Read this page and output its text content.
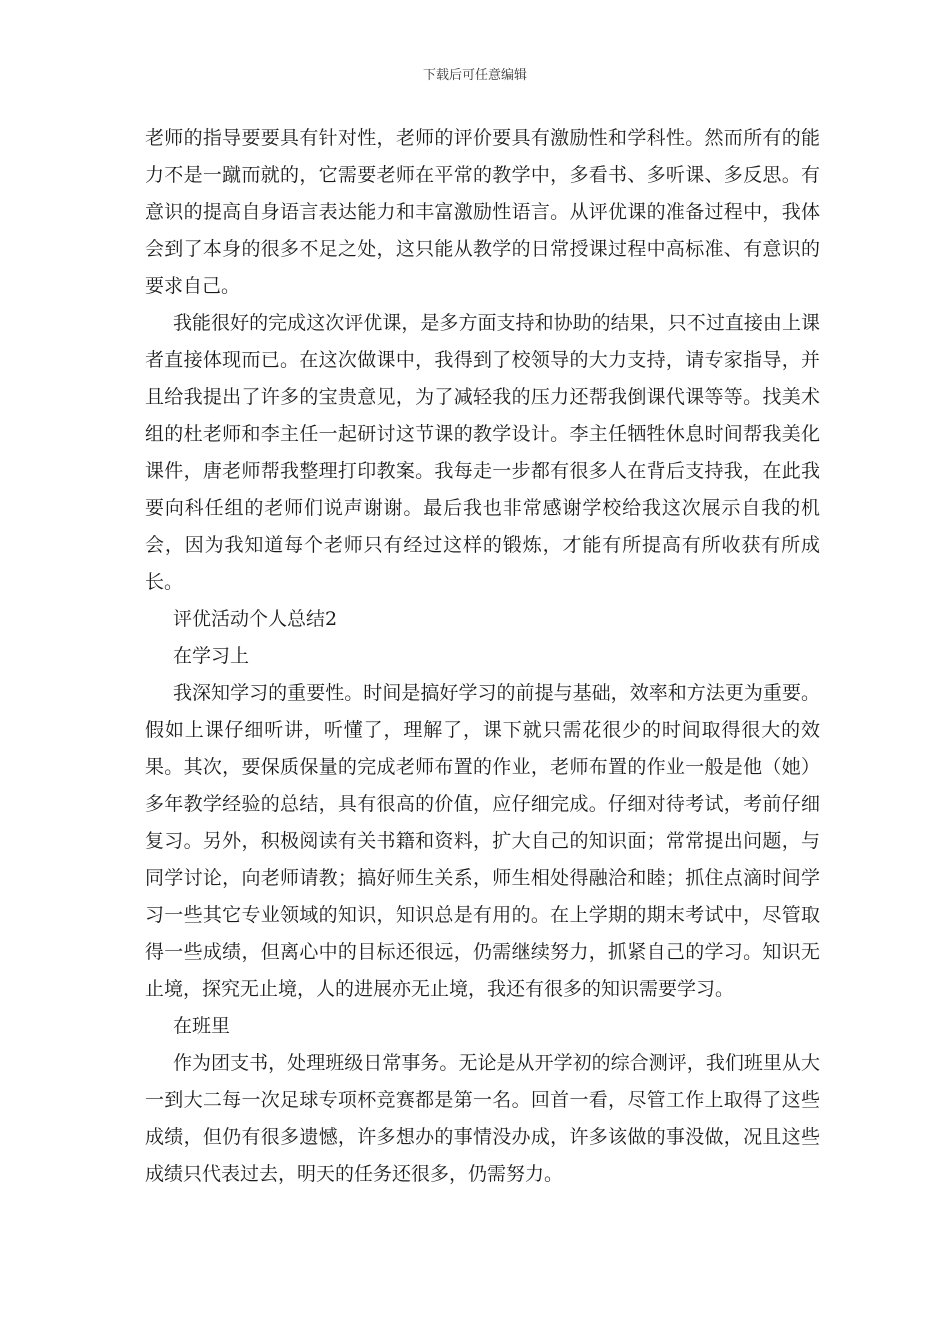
下载后可任意编辑

老师的指导要要具有针对性，老师的评价要具有激励性和学科性。然而所有的能力不是一蹴而就的，它需要老师在平常的教学中，多看书、多听课、多反思。有意识的提高自身语言表达能力和丰富激励性语言。从评优课的准备过程中，我体会到了本身的很多不足之处，这只能从教学的日常授课过程中高标准、有意识的要求自己。

我能很好的完成这次评优课，是多方面支持和协助的结果，只不过直接由上课者直接体现而已。在这次做课中，我得到了校领导的大力支持，请专家指导，并且给我提出了许多的宝贵意见，为了减轻我的压力还帮我倒课代课等等。找美术组的杜老师和李主任一起研讨这节课的教学设计。李主任牺牲休息时间帮我美化课件，唐老师帮我整理打印教案。我每走一步都有很多人在背后支持我，在此我要向科任组的老师们说声谢谢。最后我也非常感谢学校给我这次展示自我的机会，因为我知道每个老师只有经过这样的锻炼，才能有所提高有所收获有所成长。

评优活动个人总结2

在学习上

我深知学习的重要性。时间是搞好学习的前提与基础，效率和方法更为重要。假如上课仔细听讲，听懂了，理解了，课下就只需花很少的时间取得很大的效果。其次，要保质保量的完成老师布置的作业，老师布置的作业一般是他（她）多年教学经验的总结，具有很高的价值，应仔细完成。仔细对待考试，考前仔细复习。另外，积极阅读有关书籍和资料，扩大自己的知识面；常常提出问题，与同学讨论，向老师请教；搞好师生关系，师生相处得融洽和睦；抓住点滴时间学习一些其它专业领域的知识，知识总是有用的。在上学期的期末考试中，尽管取得一些成绩，但离心中的目标还很远，仍需继续努力，抓紧自己的学习。知识无止境，探究无止境，人的进展亦无止境，我还有很多的知识需要学习。

在班里

作为团支书，处理班级日常事务。无论是从开学初的综合测评，我们班里从大一到大二每一次足球专项杯竞赛都是第一名。回首一看，尽管工作上取得了这些成绩，但仍有很多遗憾，许多想办的事情没办成，许多该做的事没做，况且这些成绩只代表过去，明天的任务还很多，仍需努力。
